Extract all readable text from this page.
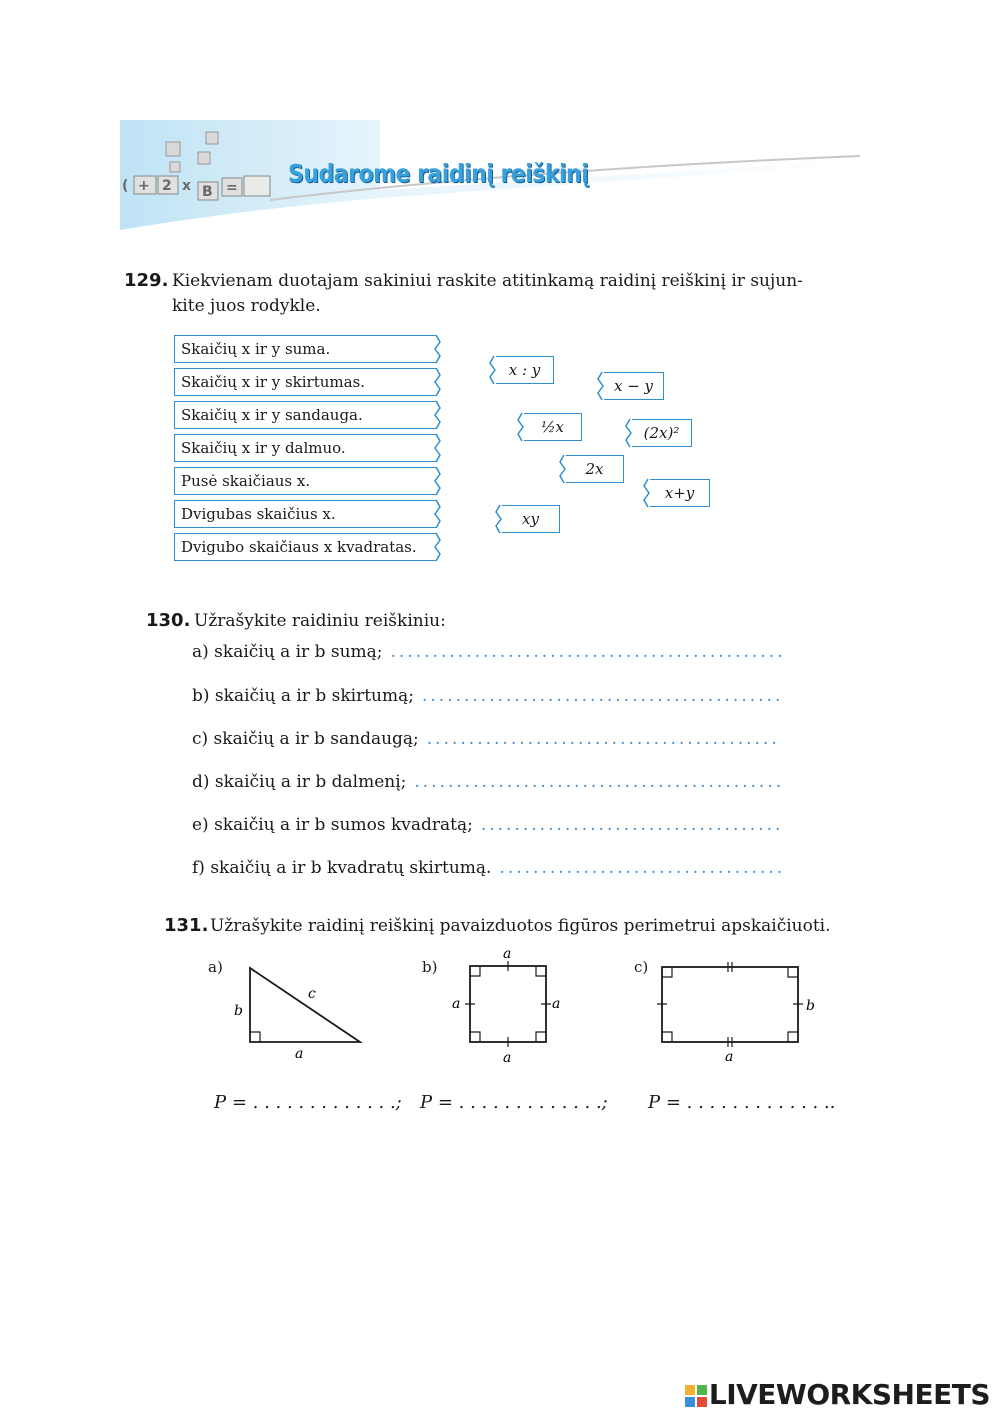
( + 2 x B = Sudarome raidinį reiškinį
129. Kiekvienam duotajam sakiniui raskite atitinkamą raidinį reiškinį ir sujun-
kite juos rodykle.
Skaičių x ir y suma.
Skaičių x ir y skirtumas.
Skaičių x ir y sandauga.
Skaičių x ir y dalmuo.
Pusė skaičiaus x.
Dvigubas skaičius x.
Dvigubo skaičiaus x kvadratas.
x : y
x − y
½x	(2x)²
2x
x+y
xy
130. Užrašykite raidiniu reiškiniu:
a) skaičių a ir b sumą; ...............................................
b) skaičių a ir b skirtumą; ...........................................
c) skaičių a ir b sandaugą; ..........................................
d) skaičių a ir b dalmenį; ............................................
e) skaičių a ir b sumos kvadratą; ....................................
f) skaičių a ir b kvadratų skirtumą. ..................................
131. Užrašykite raidinį reiškinį pavaizduotos figūros perimetrui apskaičiuoti.
a)
b
c
a
b)
a
a	a
a
c)
b
a
P = . . . . . . . . . . . . .; P = . . . . . . . . . . . . .; P = . . . . . . . . . . . . ..
LIVEWORKSHEETS
